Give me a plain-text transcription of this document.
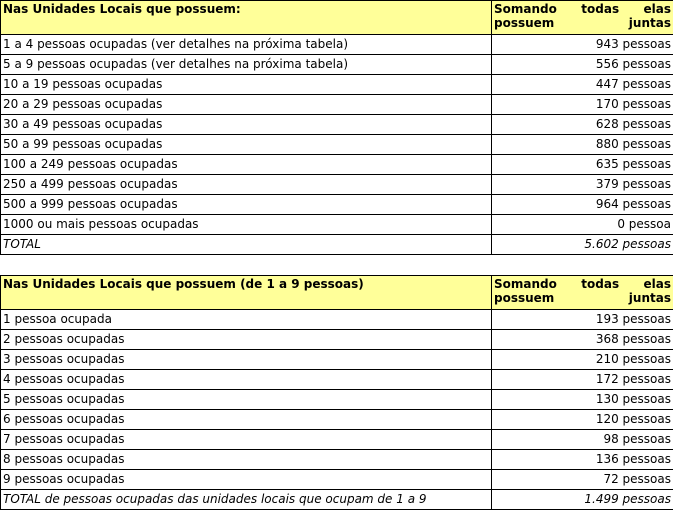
Nas Unidades Locais que possuem:	Somando todas elas possuem juntas
1 a 4 pessoas ocupadas (ver detalhes na próxima tabela)	943 pessoas
5 a 9 pessoas ocupadas (ver detalhes na próxima tabela)	556 pessoas
10 a 19 pessoas ocupadas	447 pessoas
20 a 29 pessoas ocupadas	170 pessoas
30 a 49 pessoas ocupadas	628 pessoas
50 a 99 pessoas ocupadas	880 pessoas
100 a 249 pessoas ocupadas	635 pessoas
250 a 499 pessoas ocupadas	379 pessoas
500 a 999 pessoas ocupadas	964 pessoas
1000 ou mais pessoas ocupadas	0 pessoa
TOTAL	5.602 pessoas
Nas Unidades Locais que possuem (de 1 a 9 pessoas)	Somando todas elas possuem juntas
1 pessoa ocupada	193 pessoas
2 pessoas ocupadas	368 pessoas
3 pessoas ocupadas	210 pessoas
4 pessoas ocupadas	172 pessoas
5 pessoas ocupadas	130 pessoas
6 pessoas ocupadas	120 pessoas
7 pessoas ocupadas	98 pessoas
8 pessoas ocupadas	136 pessoas
9 pessoas ocupadas	72 pessoas
TOTAL de pessoas ocupadas das unidades locais que ocupam de 1 a 9	1.499 pessoas
